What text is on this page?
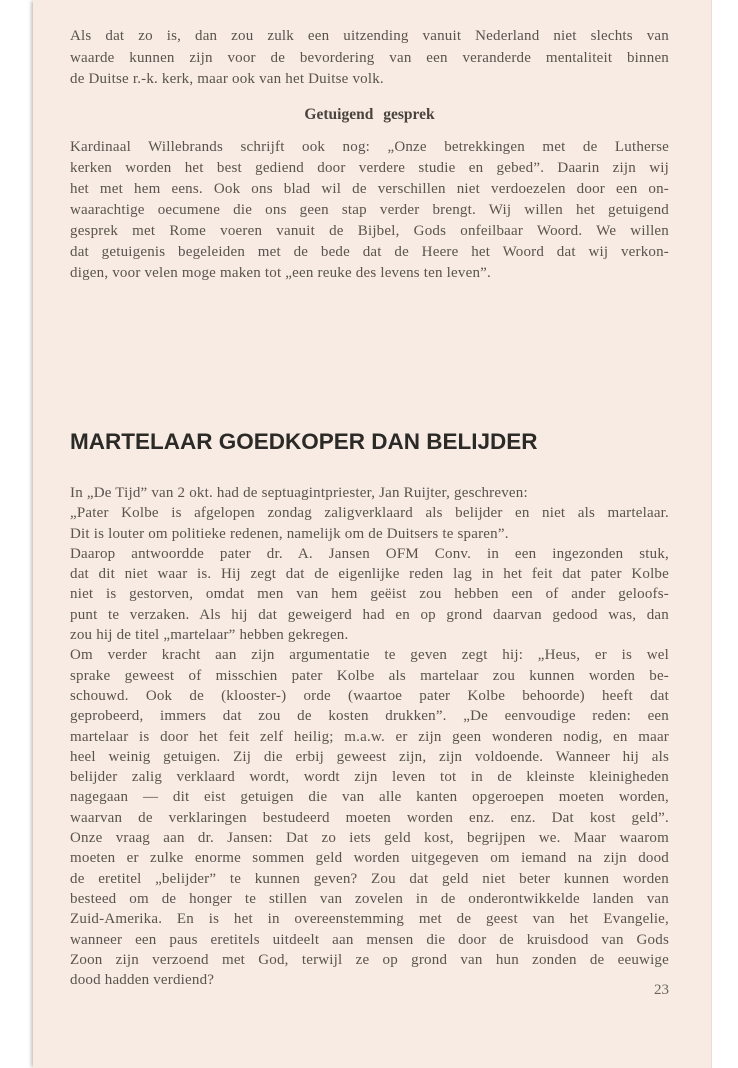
Als dat zo is, dan zou zulk een uitzending vanuit Nederland niet slechts van
waarde kunnen zijn voor de bevordering van een veranderde mentaliteit binnen
de Duitse r.-k. kerk, maar ook van het Duitse volk.
Getuigend gesprek
Kardinaal Willebrands schrijft ook nog: „Onze betrekkingen met de Lutherse
kerken worden het best gediend door verdere studie en gebed”. Daarin zijn wij
het met hem eens. Ook ons blad wil de verschillen niet verdoezelen door een on-
waarachtige oecumene die ons geen stap verder brengt. Wij willen het getuigend
gesprek met Rome voeren vanuit de Bijbel, Gods onfeilbaar Woord. We willen
dat getuigenis begeleiden met de bede dat de Heere het Woord dat wij verkon-
digen, voor velen moge maken tot „een reuke des levens ten leven”.
MARTELAAR GOEDKOPER DAN BELIJDER
In „De Tijd” van 2 okt. had de septuagintpriester, Jan Ruijter, geschreven:
„Pater Kolbe is afgelopen zondag zaligverklaard als belijder en niet als martelaar.
Dit is louter om politieke redenen, namelijk om de Duitsers te sparen”.
Daarop antwoordde pater dr. A. Jansen OFM Conv. in een ingezonden stuk,
dat dit niet waar is. Hij zegt dat de eigenlijke reden lag in het feit dat pater Kolbe
niet is gestorven, omdat men van hem geëist zou hebben een of ander geloofs-
punt te verzaken. Als hij dat geweigerd had en op grond daarvan gedood was, dan
zou hij de titel „martelaar” hebben gekregen.
Om verder kracht aan zijn argumentatie te geven zegt hij: „Heus, er is wel
sprake geweest of misschien pater Kolbe als martelaar zou kunnen worden be-
schouwd. Ook de (klooster-) orde (waartoe pater Kolbe behoorde) heeft dat
geprobeerd, immers dat zou de kosten drukken”. „De eenvoudige reden: een
martelaar is door het feit zelf heilig; m.a.w. er zijn geen wonderen nodig, en maar
heel weinig getuigen. Zij die erbij geweest zijn, zijn voldoende. Wanneer hij als
belijder zalig verklaard wordt, wordt zijn leven tot in de kleinste kleinigheden
nagegaan — dit eist getuigen die van alle kanten opgeroepen moeten worden,
waarvan de verklaringen bestudeerd moeten worden enz. enz. Dat kost geld”.
Onze vraag aan dr. Jansen: Dat zo iets geld kost, begrijpen we. Maar waarom
moeten er zulke enorme sommen geld worden uitgegeven om iemand na zijn dood
de eretitel „belijder” te kunnen geven? Zou dat geld niet beter kunnen worden
besteed om de honger te stillen van zovelen in de onderontwikkelde landen van
Zuid-Amerika. En is het in overeenstemming met de geest van het Evangelie,
wanneer een paus eretitels uitdeelt aan mensen die door de kruisdood van Gods
Zoon zijn verzoend met God, terwijl ze op grond van hun zonden de eeuwige
dood hadden verdiend?
23
